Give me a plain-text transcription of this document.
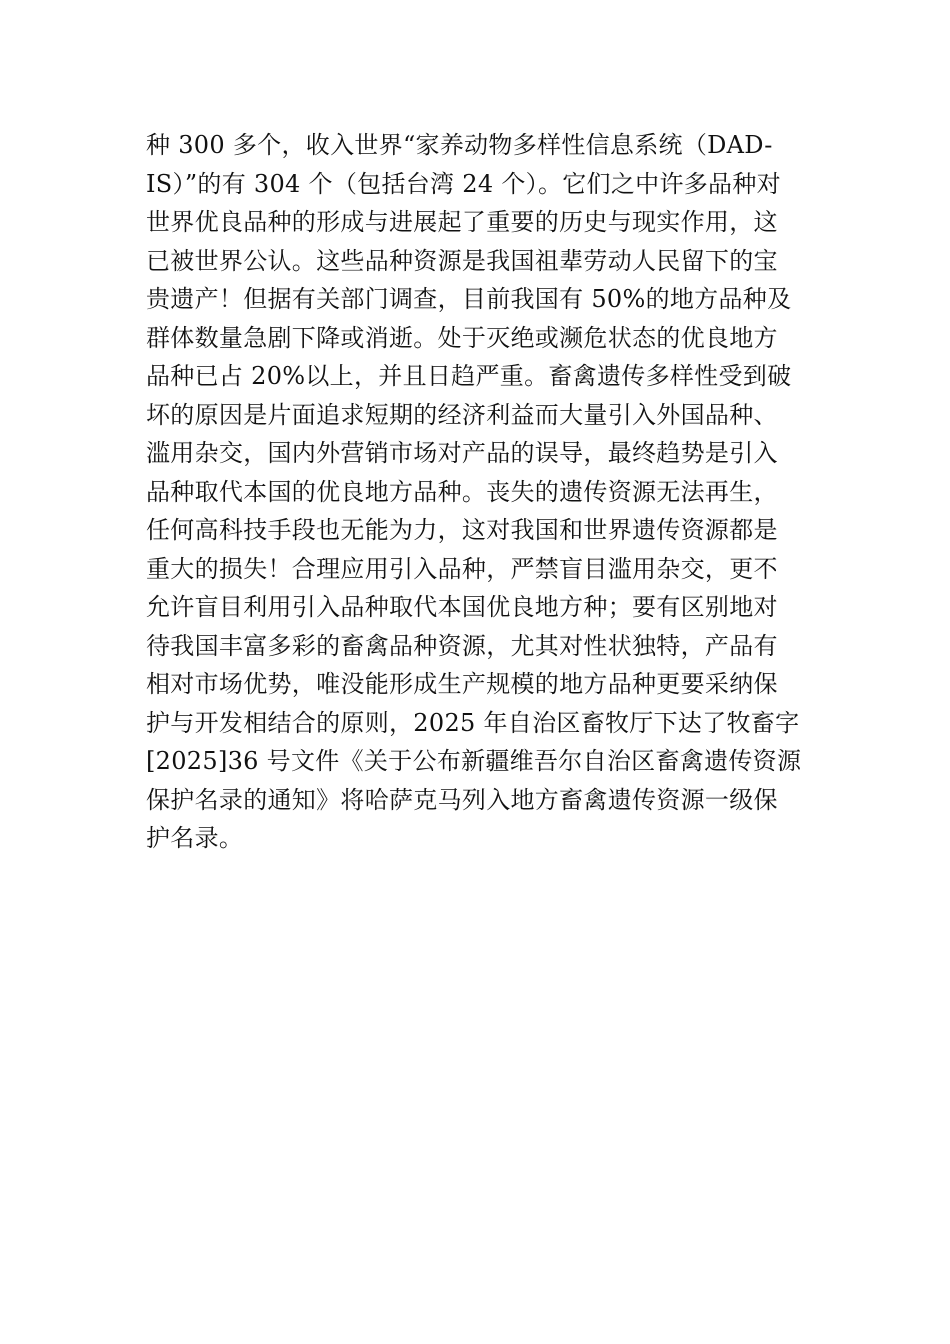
种 300 多个，收入世界“家养动物多样性信息系统（DAD-
IS）”的有 304 个（包括台湾 24 个）。它们之中许多品种对
世界优良品种的形成与进展起了重要的历史与现实作用，这
已被世界公认。这些品种资源是我国祖辈劳动人民留下的宝
贵遗产！但据有关部门调查，目前我国有 50%的地方品种及
群体数量急剧下降或消逝。处于灭绝或濒危状态的优良地方
品种已占 20%以上，并且日趋严重。畜禽遗传多样性受到破
坏的原因是片面追求短期的经济利益而大量引入外国品种、
滥用杂交，国内外营销市场对产品的误导，最终趋势是引入
品种取代本国的优良地方品种。丧失的遗传资源无法再生，
任何高科技手段也无能为力，这对我国和世界遗传资源都是
重大的损失！合理应用引入品种，严禁盲目滥用杂交，更不
允许盲目利用引入品种取代本国优良地方种；要有区别地对
待我国丰富多彩的畜禽品种资源，尤其对性状独特，产品有
相对市场优势，唯没能形成生产规模的地方品种更要采纳保
护与开发相结合的原则，2025 年自治区畜牧厅下达了牧畜字
[2025]36 号文件《关于公布新疆维吾尔自治区畜禽遗传资源
保护名录的通知》将哈萨克马列入地方畜禽遗传资源一级保
护名录。
